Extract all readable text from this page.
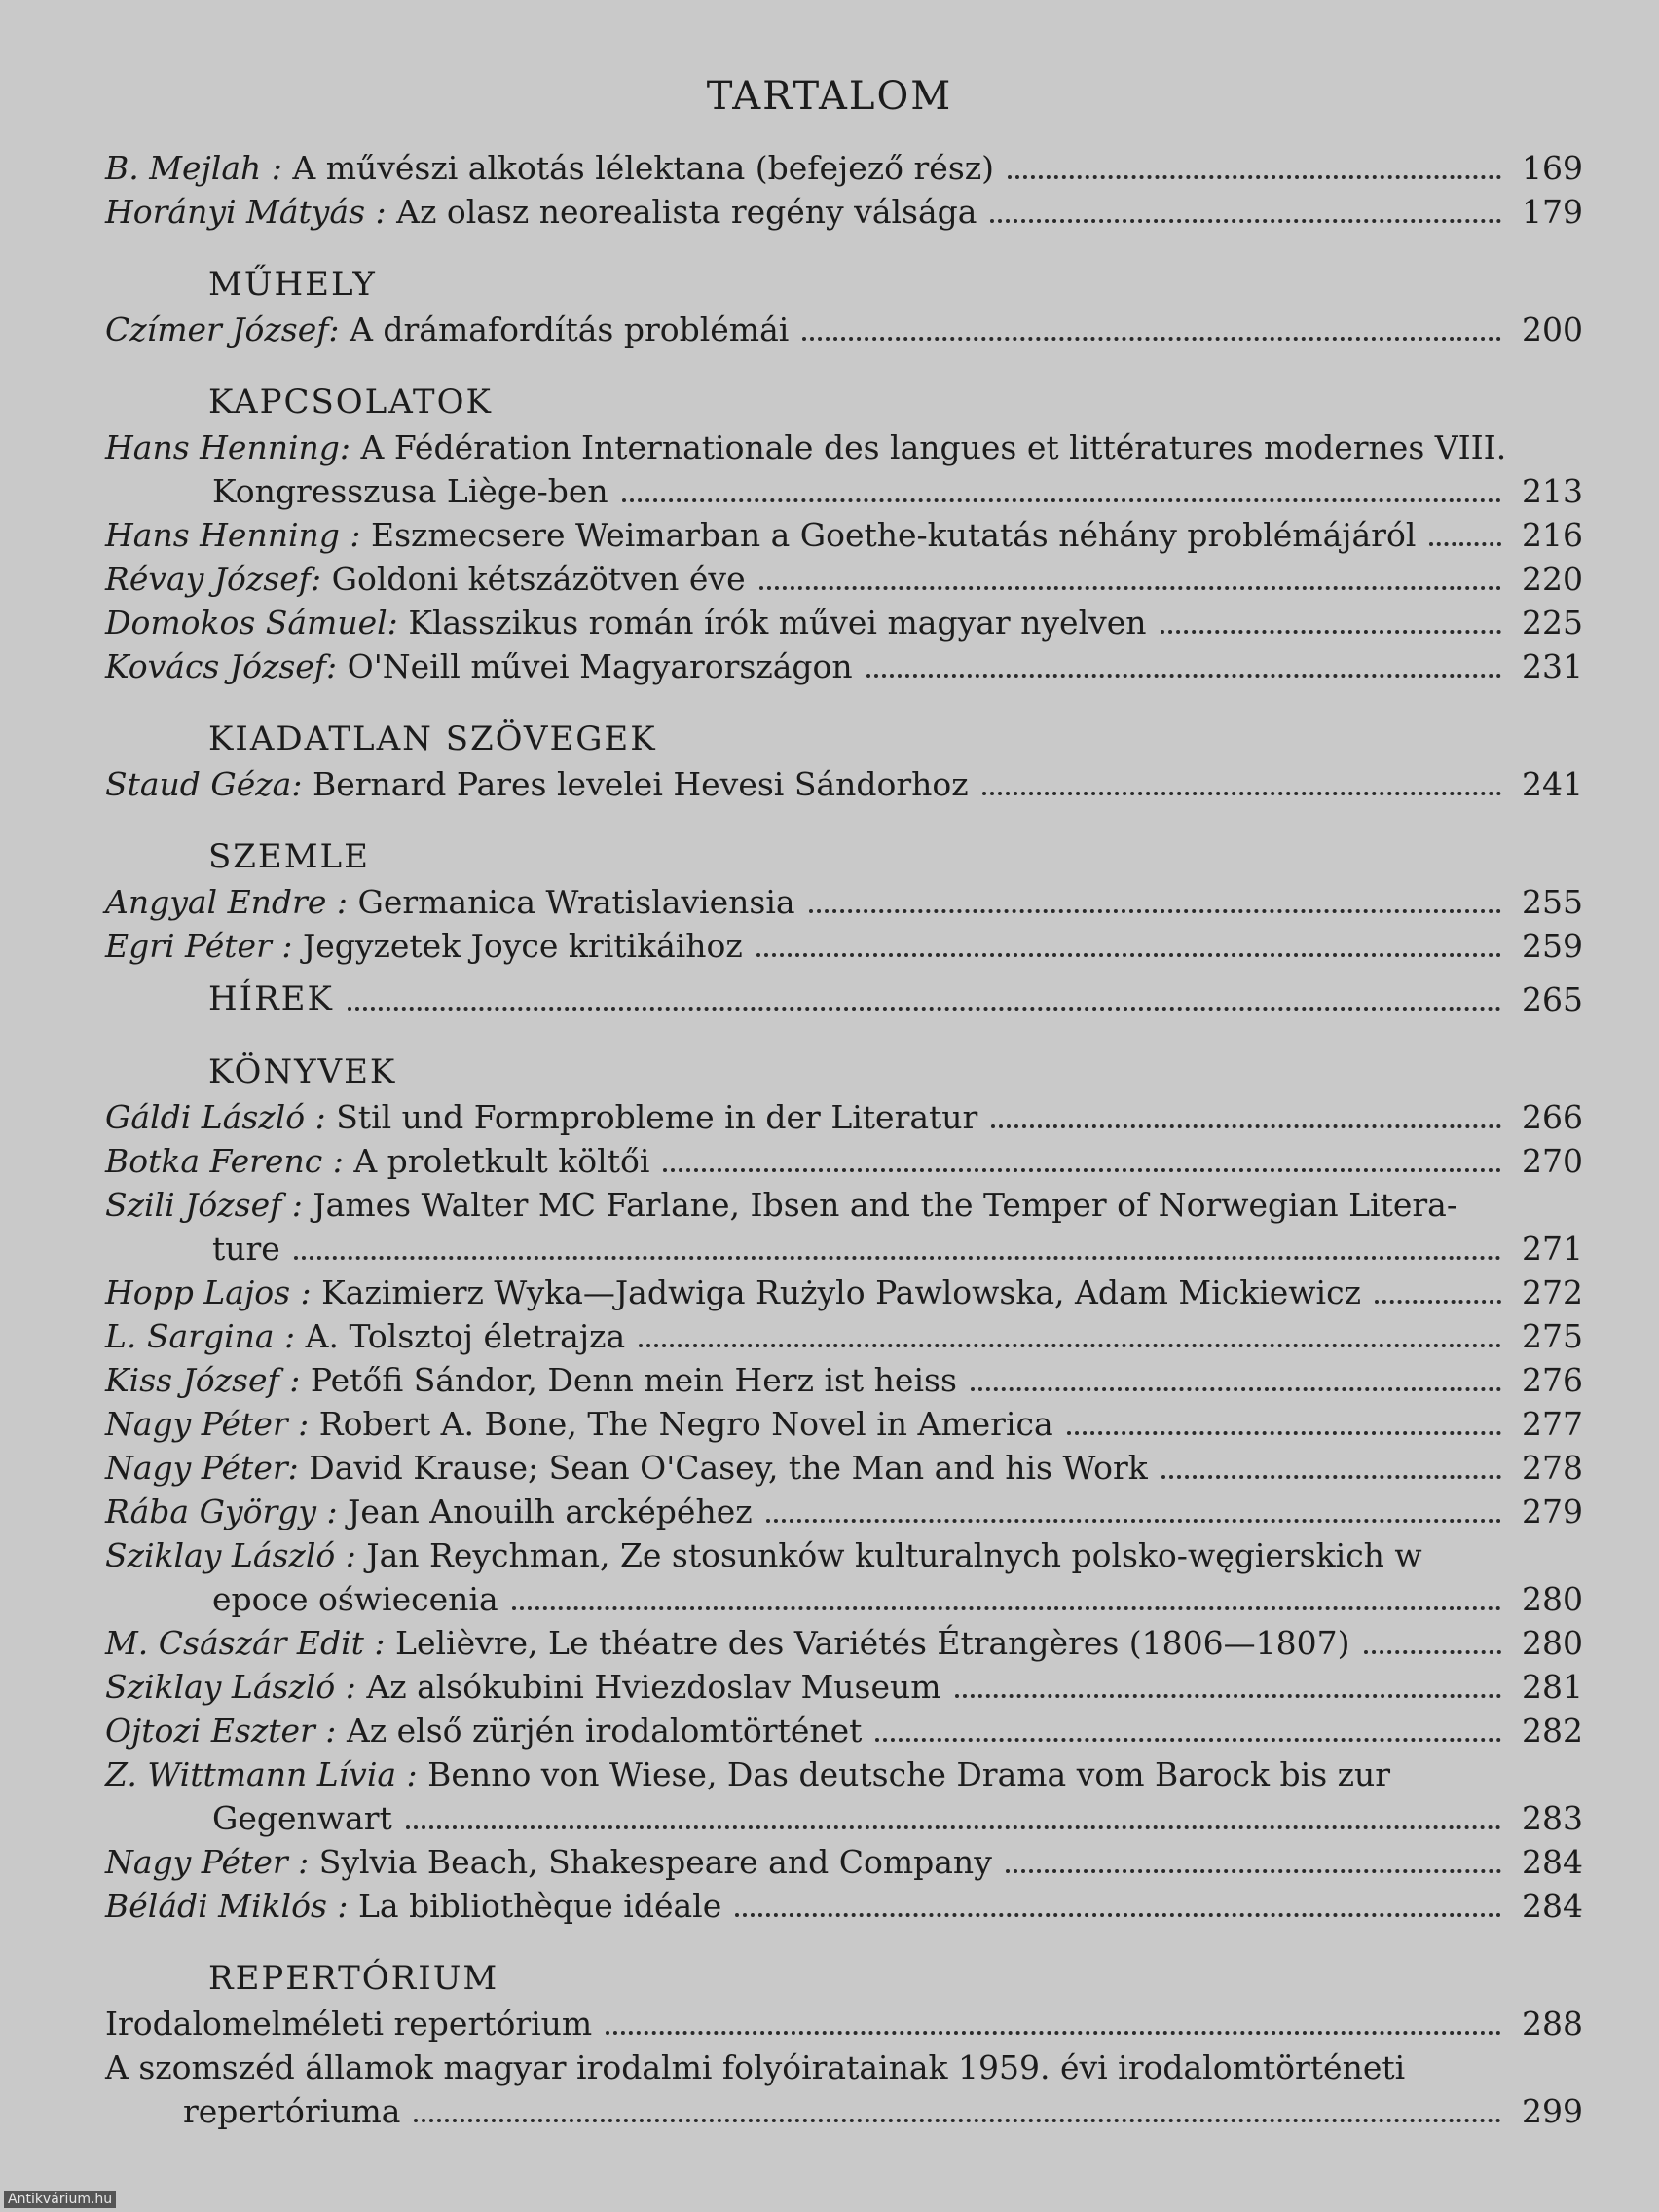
TARTALOM
B. Mejlah : A művészi alkotás lélektana (befejező rész)	169
Horányi Mátyás : Az olasz neorealista regény válsága	179
MŰHELY
Czímer József: A drámafordítás problémái	200
KAPCSOLATOK
Hans Henning: A Fédération Internationale des langues et littératures modernes VIII.
Kongresszusa Liège-ben	213
Hans Henning : Eszmecsere Weimarban a Goethe-kutatás néhány problémájáról	216
Révay József: Goldoni kétszázötven éve	220
Domokos Sámuel: Klasszikus román írók művei magyar nyelven	225
Kovács József: O'Neill művei Magyarországon	231
KIADATLAN SZÖVEGEK
Staud Géza: Bernard Pares levelei Hevesi Sándorhoz	241
SZEMLE
Angyal Endre : Germanica Wratislaviensia	255
Egri Péter : Jegyzetek Joyce kritikáihoz	259
HÍREK	265
KÖNYVEK
Gáldi László : Stil und Formprobleme in der Literatur	266
Botka Ferenc : A proletkult költői	270
Szili József : James Walter MC Farlane, Ibsen and the Temper of Norwegian Litera-
ture	271
Hopp Lajos : Kazimierz Wyka—Jadwiga Rużylo Pawlowska, Adam Mickiewicz	272
L. Sargina : A. Tolsztoj életrajza	275
Kiss József : Petőfi Sándor, Denn mein Herz ist heiss	276
Nagy Péter : Robert A. Bone, The Negro Novel in America	277
Nagy Péter: David Krause; Sean O'Casey, the Man and his Work	278
Rába György : Jean Anouilh arcképéhez	279
Sziklay László : Jan Reychman, Ze stosunków kulturalnych polsko-węgierskich w
epoce oświecenia	280
M. Császár Edit : Lelièvre, Le théatre des Variétés Étrangères (1806—1807)	280
Sziklay László : Az alsókubini Hviezdoslav Museum	281
Ojtozi Eszter : Az első zürjén irodalomtörténet	282
Z. Wittmann Lívia : Benno von Wiese, Das deutsche Drama vom Barock bis zur
Gegenwart	283
Nagy Péter : Sylvia Beach, Shakespeare and Company	284
Béládi Miklós : La bibliothèque idéale	284
REPERTÓRIUM
Irodalomelméleti repertórium	288
A szomszéd államok magyar irodalmi folyóiratainak 1959. évi irodalomtörténeti
repertóriuma	299
Antikvárium.hu
